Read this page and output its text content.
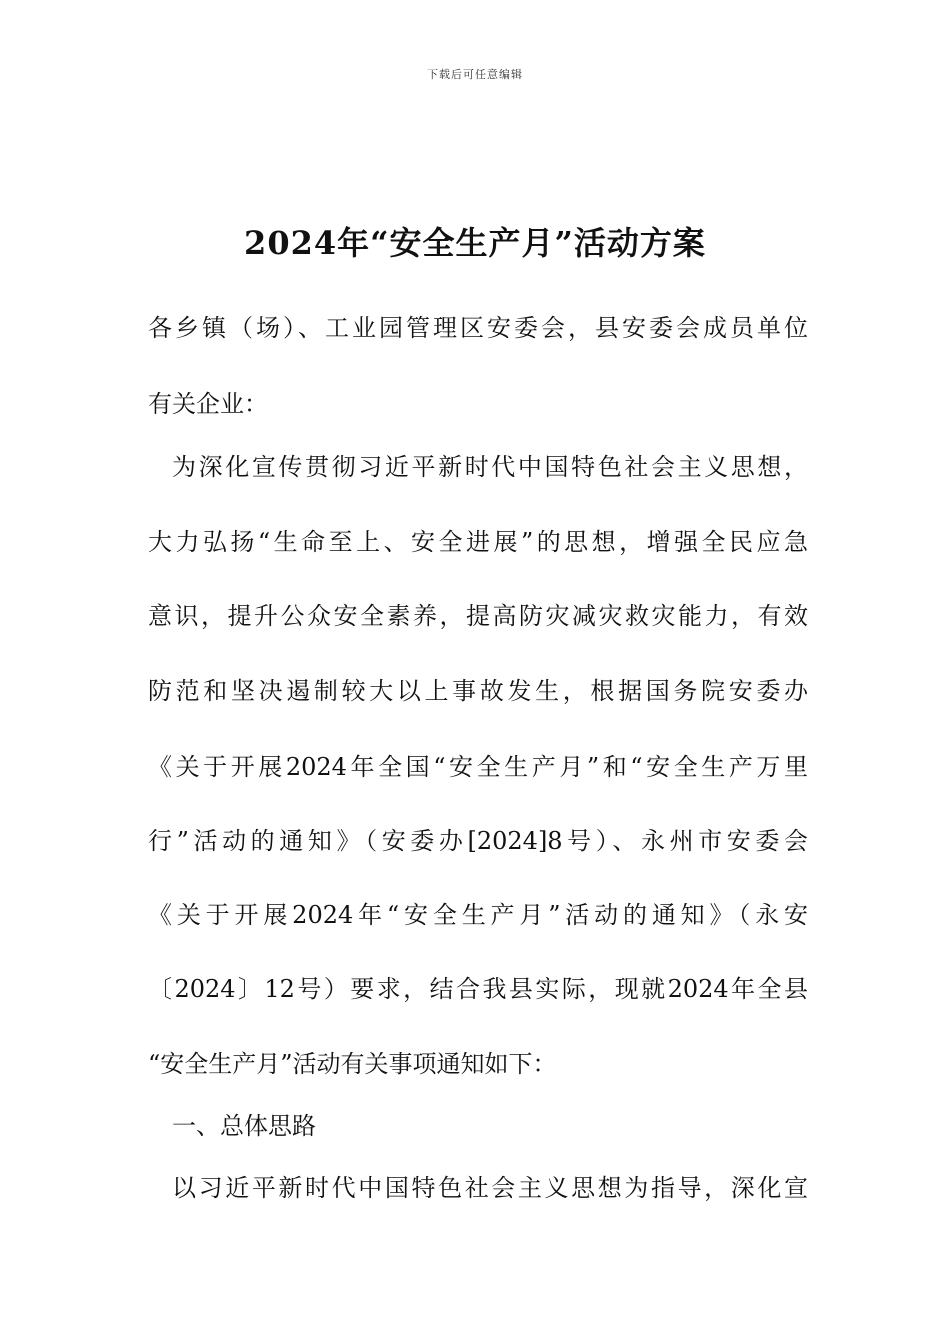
下载后可任意编辑
2024年“安全生产月”活动方案
各乡镇（场）、工业园管理区安委会，县安委会成员单位
有关企业：
为深化宣传贯彻习近平新时代中国特色社会主义思想，
大力弘扬“生命至上、安全进展”的思想，增强全民应急
意识，提升公众安全素养，提高防灾减灾救灾能力，有效
防范和坚决遏制较大以上事故发生，根据国务院安委办
《关于开展2024年全国“安全生产月”和“安全生产万里
行”活动的通知》（安委办[2024]8号）、永州市安委会
《关于开展2024年“安全生产月”活动的通知》（永安
〔2024〕12号）要求，结合我县实际，现就2024年全县
“安全生产月”活动有关事项通知如下：
一、总体思路
以习近平新时代中国特色社会主义思想为指导，深化宣
